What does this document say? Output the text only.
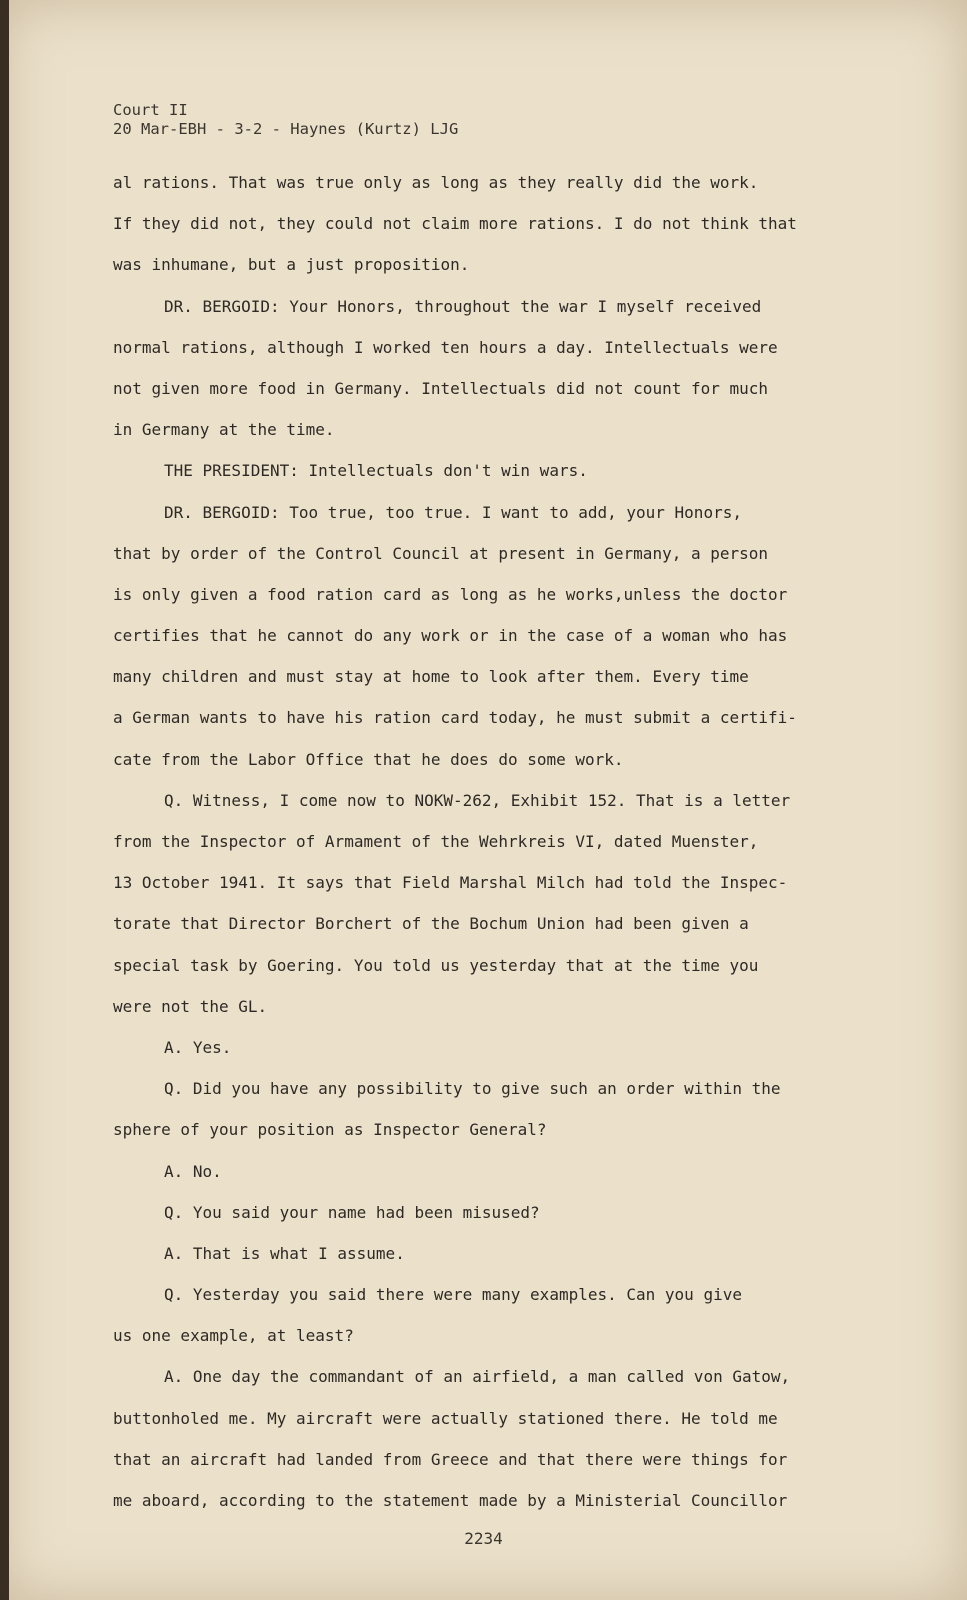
Court II
20 Mar-EBH - 3-2 - Haynes (Kurtz) LJG
al rations. That was true only as long as they really did the work.
If they did not, they could not claim more rations. I do not think that
was inhumane, but a just proposition.
DR. BERGOID: Your Honors, throughout the war I myself received
normal rations, although I worked ten hours a day. Intellectuals were
not given more food in Germany. Intellectuals did not count for much
in Germany at the time.
THE PRESIDENT: Intellectuals don't win wars.
DR. BERGOID: Too true, too true. I want to add, your Honors,
that by order of the Control Council at present in Germany, a person
is only given a food ration card as long as he works,unless the doctor
certifies that he cannot do any work or in the case of a woman who has
many children and must stay at home to look after them. Every time
a German wants to have his ration card today, he must submit a certifi-
cate from the Labor Office that he does do some work.
Q. Witness, I come now to NOKW-262, Exhibit 152. That is a letter
from the Inspector of Armament of the Wehrkreis VI, dated Muenster,
13 October 1941. It says that Field Marshal Milch had told the Inspec-
torate that Director Borchert of the Bochum Union had been given a
special task by Goering. You told us yesterday that at the time you
were not the GL.
A. Yes.
Q. Did you have any possibility to give such an order within the
sphere of your position as Inspector General?
A. No.
Q. You said your name had been misused?
A. That is what I assume.
Q. Yesterday you said there were many examples. Can you give
us one example, at least?
A. One day the commandant of an airfield, a man called von Gatow,
buttonholed me. My aircraft were actually stationed there. He told me
that an aircraft had landed from Greece and that there were things for
me aboard, according to the statement made by a Ministerial Councillor
2234
